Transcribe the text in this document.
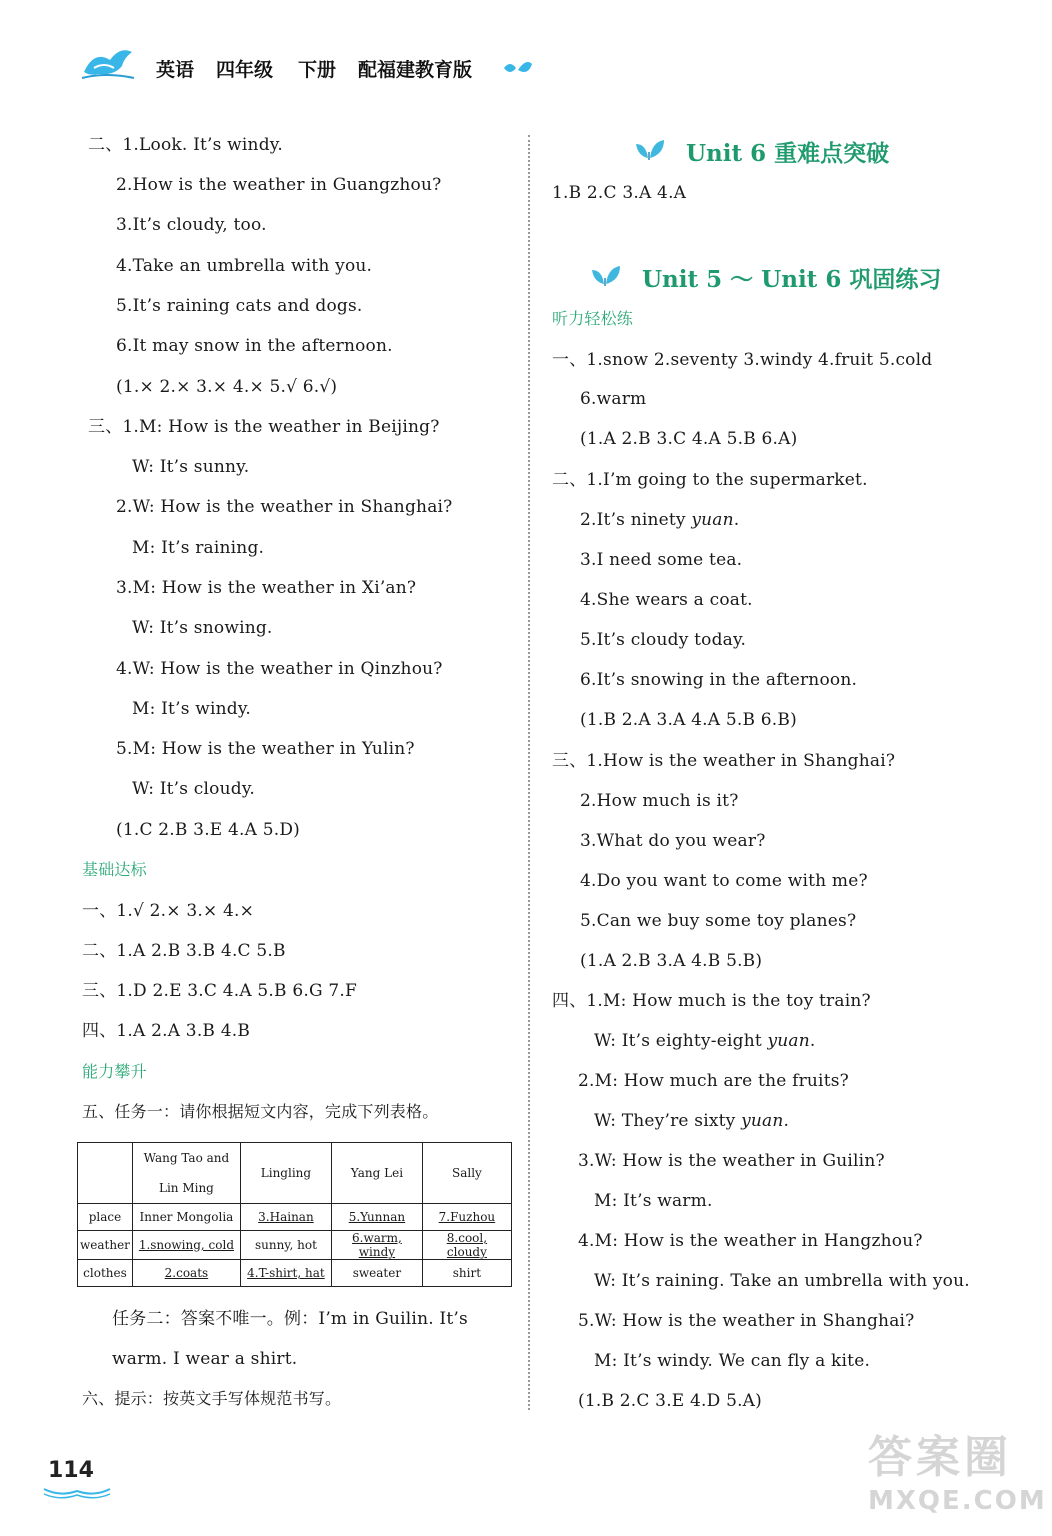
英语 四年级 下册 配福建教育版
二、1.Look. It’s windy.
2.How is the weather in Guangzhou?
3.It’s cloudy, too.
4.Take an umbrella with you.
5.It’s raining cats and dogs.
6.It may snow in the afternoon.
(1.× 2.× 3.× 4.× 5.√ 6.√)
三、1.M: How is the weather in Beijing?
W: It’s sunny.
2.W: How is the weather in Shanghai?
M: It’s raining.
3.M: How is the weather in Xi’an?
W: It’s snowing.
4.W: How is the weather in Qinzhou?
M: It’s windy.
5.M: How is the weather in Yulin?
W: It’s cloudy.
(1.C 2.B 3.E 4.A 5.D)
基础达标
一、1.√ 2.× 3.× 4.×
二、1.A 2.B 3.B 4.C 5.B
三、1.D 2.E 3.C 4.A 5.B 6.G 7.F
四、1.A 2.A 3.B 4.B
能力攀升
五、任务一：请你根据短文内容，完成下列表格。
	Wang Tao and Lin Ming	Lingling	Yang Lei	Sally
place	Inner Mongolia	3.Hainan	5.Yunnan	7.Fuzhou
weather	1.snowing, cold	sunny, hot	6.warm, windy	8.cool, cloudy
clothes	2.coats	4.T-shirt, hat	sweater	shirt
任务二：答案不唯一。例：I’m in Guilin. It’s
warm. I wear a shirt.
六、提示：按英文手写体规范书写。
Unit 6 重难点突破
1.B 2.C 3.A 4.A
Unit 5 ～ Unit 6 巩固练习
听力轻松练
一、1.snow 2.seventy 3.windy 4.fruit 5.cold
6.warm
(1.A 2.B 3.C 4.A 5.B 6.A)
二、1.I’m going to the supermarket.
2.It’s ninety yuan.
3.I need some tea.
4.She wears a coat.
5.It’s cloudy today.
6.It’s snowing in the afternoon.
(1.B 2.A 3.A 4.A 5.B 6.B)
三、1.How is the weather in Shanghai?
2.How much is it?
3.What do you wear?
4.Do you want to come with me?
5.Can we buy some toy planes?
(1.A 2.B 3.A 4.B 5.B)
四、1.M: How much is the toy train?
W: It’s eighty-eight yuan.
2.M: How much are the fruits?
W: They’re sixty yuan.
3.W: How is the weather in Guilin?
M: It’s warm.
4.M: How is the weather in Hangzhou?
W: It’s raining. Take an umbrella with you.
5.W: How is the weather in Shanghai?
M: It’s windy. We can fly a kite.
(1.B 2.C 3.E 4.D 5.A)
114	答案圈
MXQE.COM
